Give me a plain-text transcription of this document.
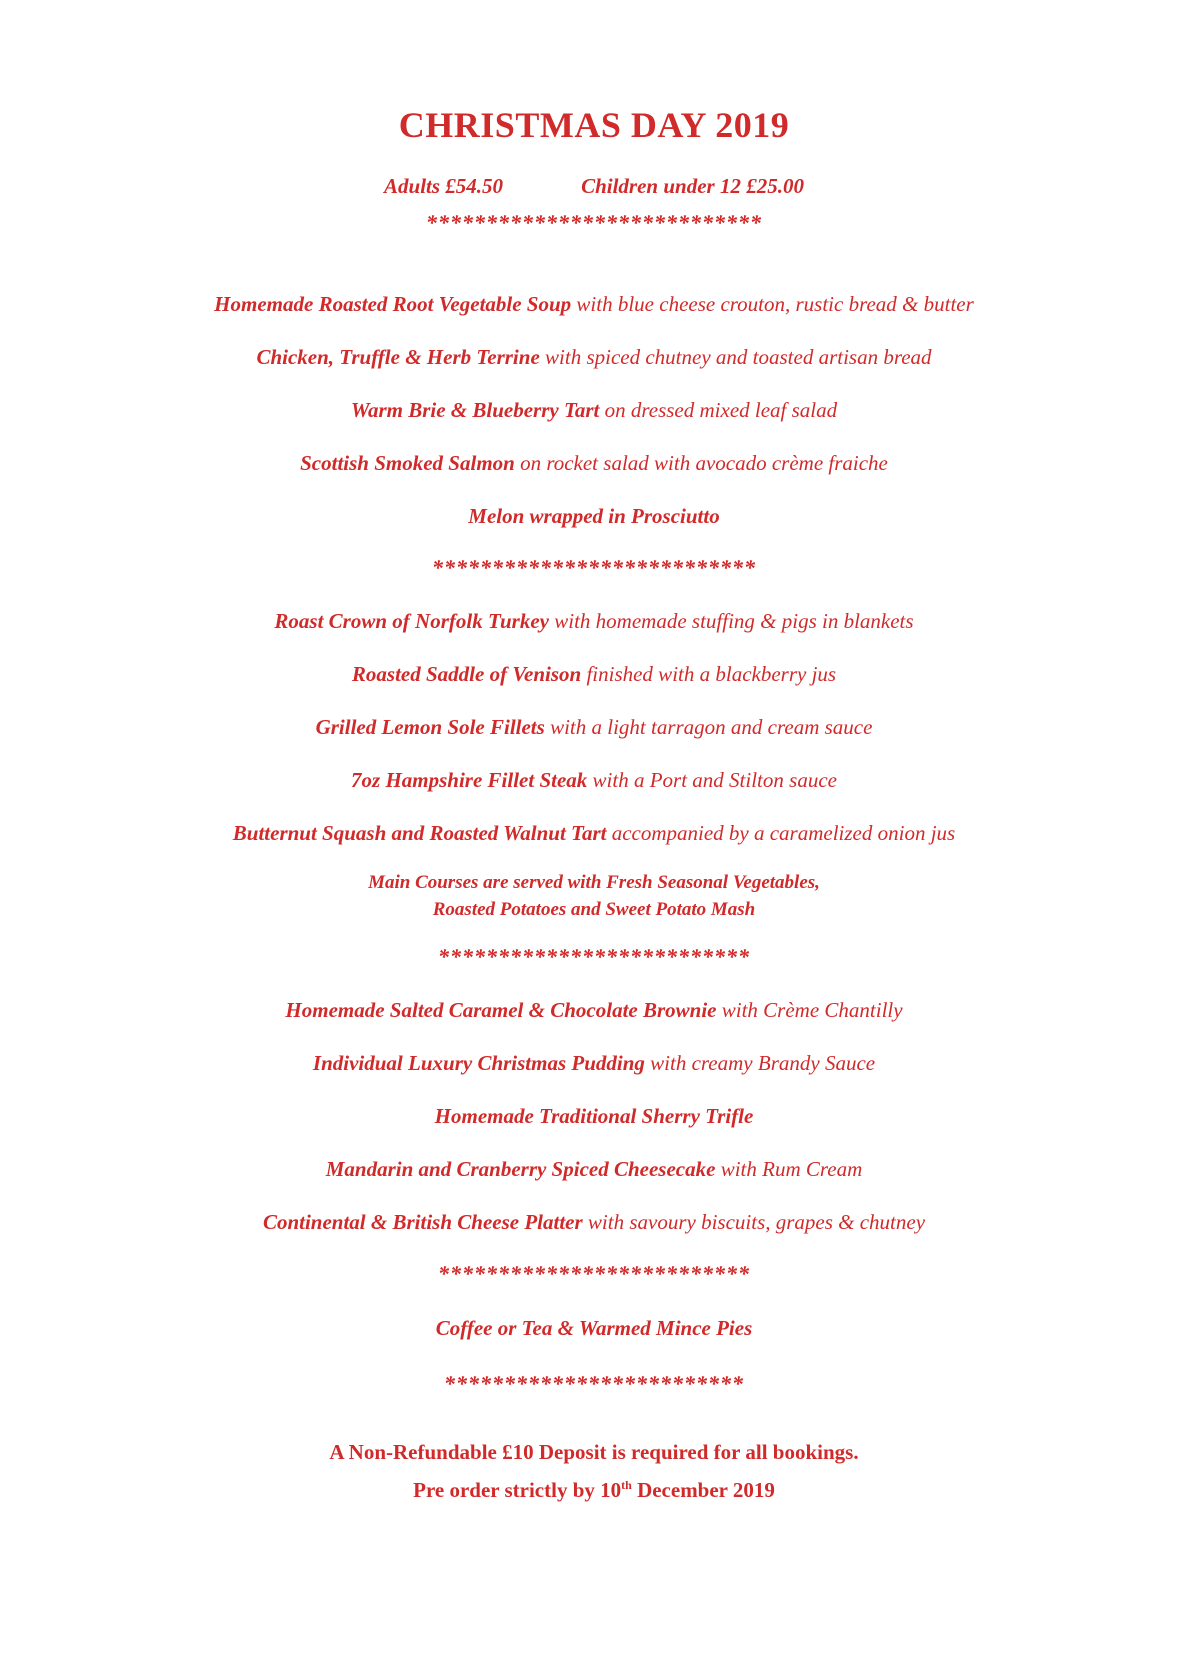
CHRISTMAS DAY 2019

Adults £54.50	Children under 12 £25.00

****************************

Homemade Roasted Root Vegetable Soup with blue cheese crouton, rustic bread & butter

Chicken, Truffle & Herb Terrine with spiced chutney and toasted artisan bread

Warm Brie & Blueberry Tart on dressed mixed leaf salad

Scottish Smoked Salmon on rocket salad with avocado crème fraiche

Melon wrapped in Prosciutto

***************************

Roast Crown of Norfolk Turkey with homemade stuffing & pigs in blankets

Roasted Saddle of Venison finished with a blackberry jus

Grilled Lemon Sole Fillets with a light tarragon and cream sauce

7oz Hampshire Fillet Steak with a Port and Stilton sauce

Butternut Squash and Roasted Walnut Tart accompanied by a caramelized onion jus

Main Courses are served with Fresh Seasonal Vegetables,

Roasted Potatoes and Sweet Potato Mash

**************************

Homemade Salted Caramel & Chocolate Brownie with Crème Chantilly

Individual Luxury Christmas Pudding with creamy Brandy Sauce

Homemade Traditional Sherry Trifle

Mandarin and Cranberry Spiced Cheesecake with Rum Cream

Continental & British Cheese Platter with savoury biscuits, grapes & chutney

**************************

Coffee or Tea & Warmed Mince Pies

*************************

A Non-Refundable £10 Deposit is required for all bookings.

Pre order strictly by 10th December 2019
